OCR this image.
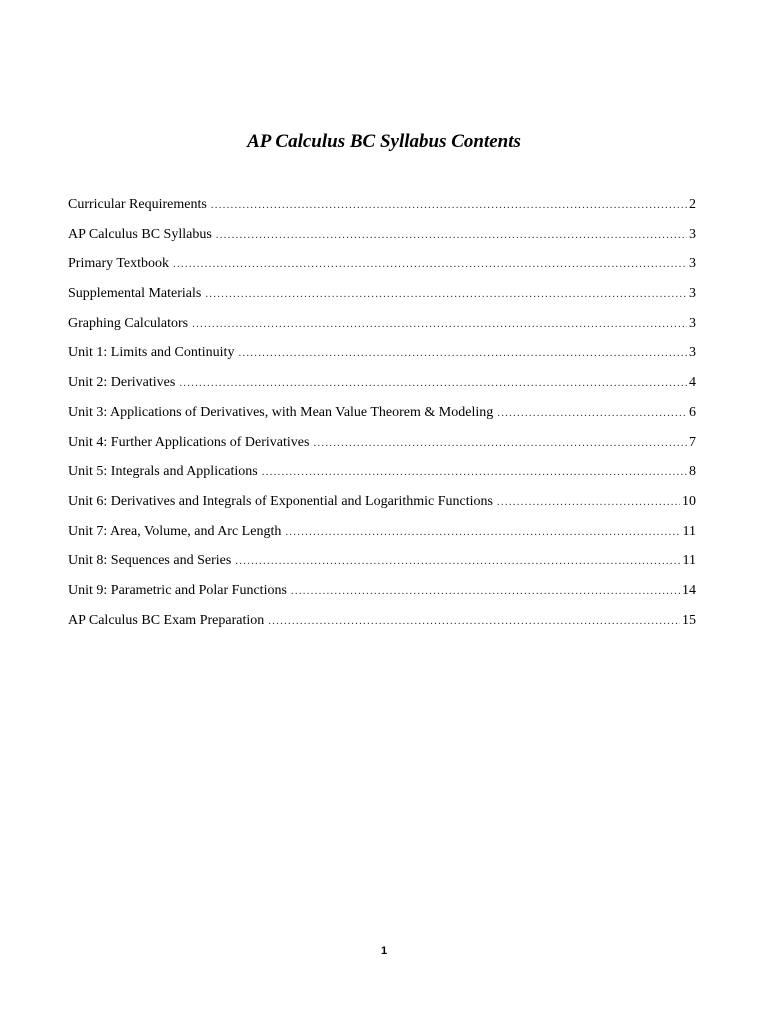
AP Calculus BC Syllabus Contents
Curricular Requirements .....	2
AP Calculus BC Syllabus .....	3
Primary Textbook .....	3
Supplemental Materials .....	3
Graphing Calculators .....	3
Unit 1: Limits and Continuity .....	3
Unit 2: Derivatives .....	4
Unit 3: Applications of Derivatives, with Mean Value Theorem & Modeling .....	6
Unit 4: Further Applications of Derivatives .....	7
Unit 5: Integrals and Applications .....	8
Unit 6: Derivatives and Integrals of Exponential and Logarithmic Functions .....	10
Unit 7: Area, Volume, and Arc Length .....	11
Unit 8: Sequences and Series .....	11
Unit 9: Parametric and Polar Functions .....	14
AP Calculus BC Exam Preparation .....	15
1
